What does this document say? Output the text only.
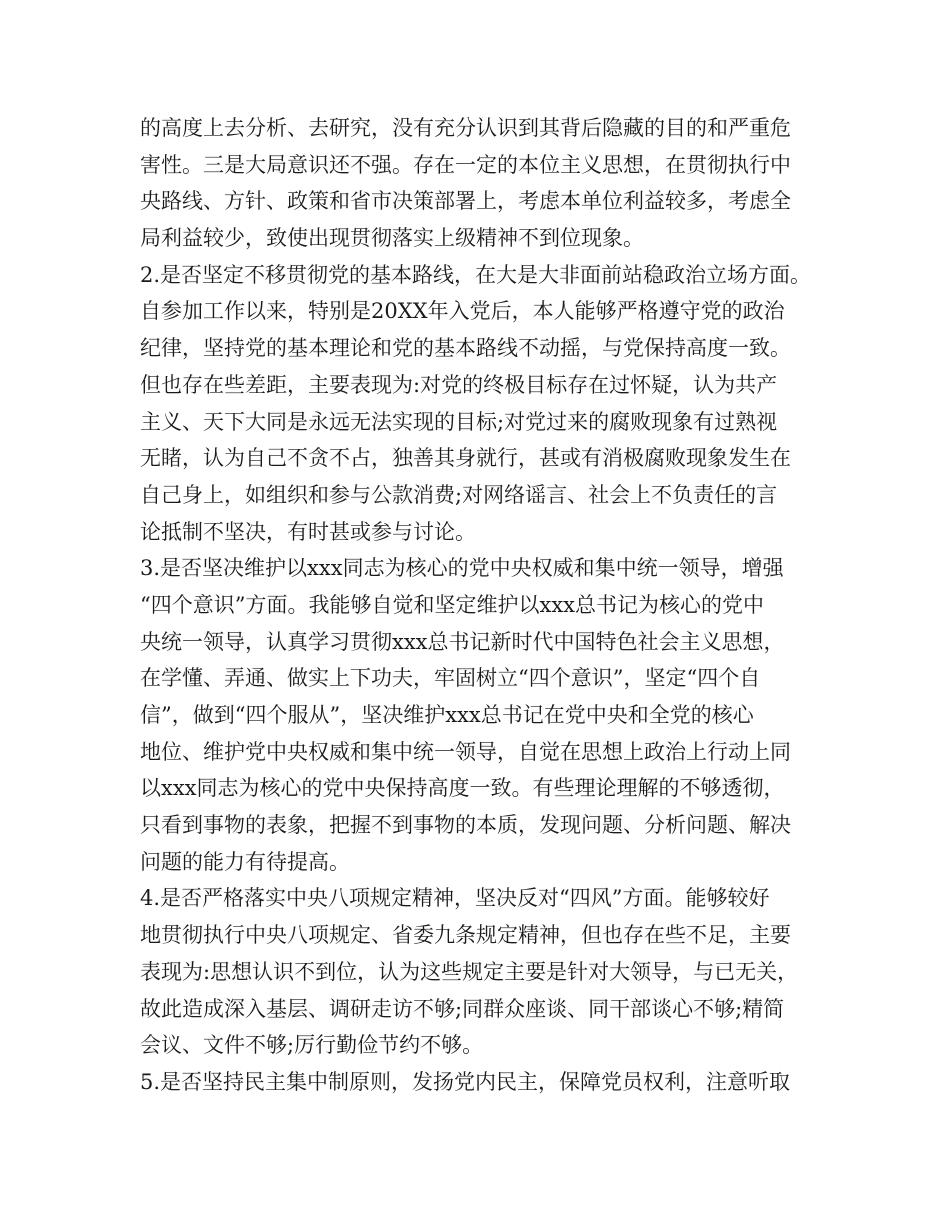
的高度上去分析、去研究，没有充分认识到其背后隐藏的目的和严重危
害性。三是大局意识还不强。存在一定的本位主义思想，在贯彻执行中
央路线、方针、政策和省市决策部署上，考虑本单位利益较多，考虑全
局利益较少，致使出现贯彻落实上级精神不到位现象。
2.是否坚定不移贯彻党的基本路线，在大是大非面前站稳政治立场方面。
自参加工作以来，特别是20XX年入党后，本人能够严格遵守党的政治
纪律，坚持党的基本理论和党的基本路线不动摇，与党保持高度一致。
但也存在些差距，主要表现为:对党的终极目标存在过怀疑，认为共产
主义、天下大同是永远无法实现的目标;对党过来的腐败现象有过熟视
无睹，认为自己不贪不占，独善其身就行，甚或有消极腐败现象发生在
自己身上，如组织和参与公款消费;对网络谣言、社会上不负责任的言
论抵制不坚决，有时甚或参与讨论。
3.是否坚决维护以xxx同志为核心的党中央权威和集中统一领导，增强
“四个意识”方面。我能够自觉和坚定维护以xxx总书记为核心的党中
央统一领导，认真学习贯彻xxx总书记新时代中国特色社会主义思想，
在学懂、弄通、做实上下功夫，牢固树立“四个意识”，坚定“四个自
信”，做到“四个服从”，坚决维护xxx总书记在党中央和全党的核心
地位、维护党中央权威和集中统一领导，自觉在思想上政治上行动上同
以xxx同志为核心的党中央保持高度一致。有些理论理解的不够透彻，
只看到事物的表象，把握不到事物的本质，发现问题、分析问题、解决
问题的能力有待提高。
4.是否严格落实中央八项规定精神，坚决反对“四风”方面。能够较好
地贯彻执行中央八项规定、省委九条规定精神，但也存在些不足，主要
表现为:思想认识不到位，认为这些规定主要是针对大领导，与已无关，
故此造成深入基层、调研走访不够;同群众座谈、同干部谈心不够;精简
会议、文件不够;厉行勤俭节约不够。
5.是否坚持民主集中制原则，发扬党内民主，保障党员权利，注意听取
